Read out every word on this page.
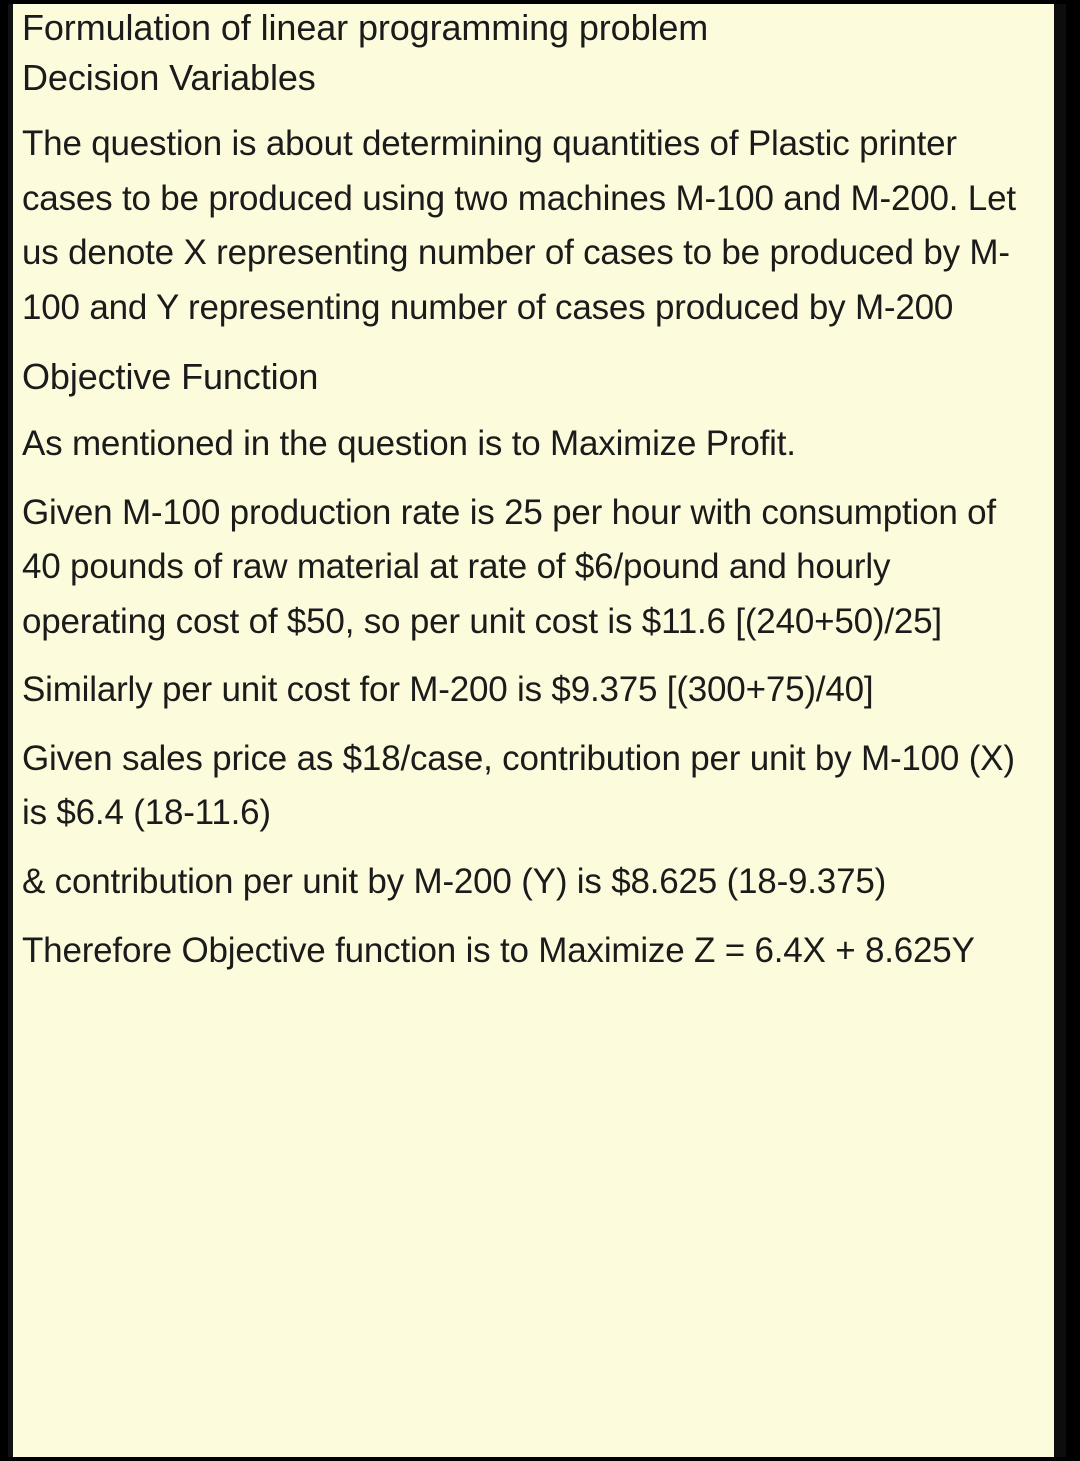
Formulation of linear programming problem
Decision Variables
The question is about determining quantities of Plastic printer cases to be produced using two machines M-100 and M-200. Let us denote X representing number of cases to be produced by M-100 and Y representing number of cases produced by M-200
Objective Function
As mentioned in the question is to Maximize Profit.
Given M-100 production rate is 25 per hour with consumption of 40 pounds of raw material at rate of $6/pound and hourly operating cost of $50, so per unit cost is $11.6 [(240+50)/25]
Similarly per unit cost for M-200 is $9.375 [(300+75)/40]
Given sales price as $18/case, contribution per unit by M-100 (X) is $6.4 (18-11.6)
& contribution per unit by M-200 (Y) is $8.625 (18-9.375)
Therefore Objective function is to Maximize Z = 6.4X + 8.625Y
